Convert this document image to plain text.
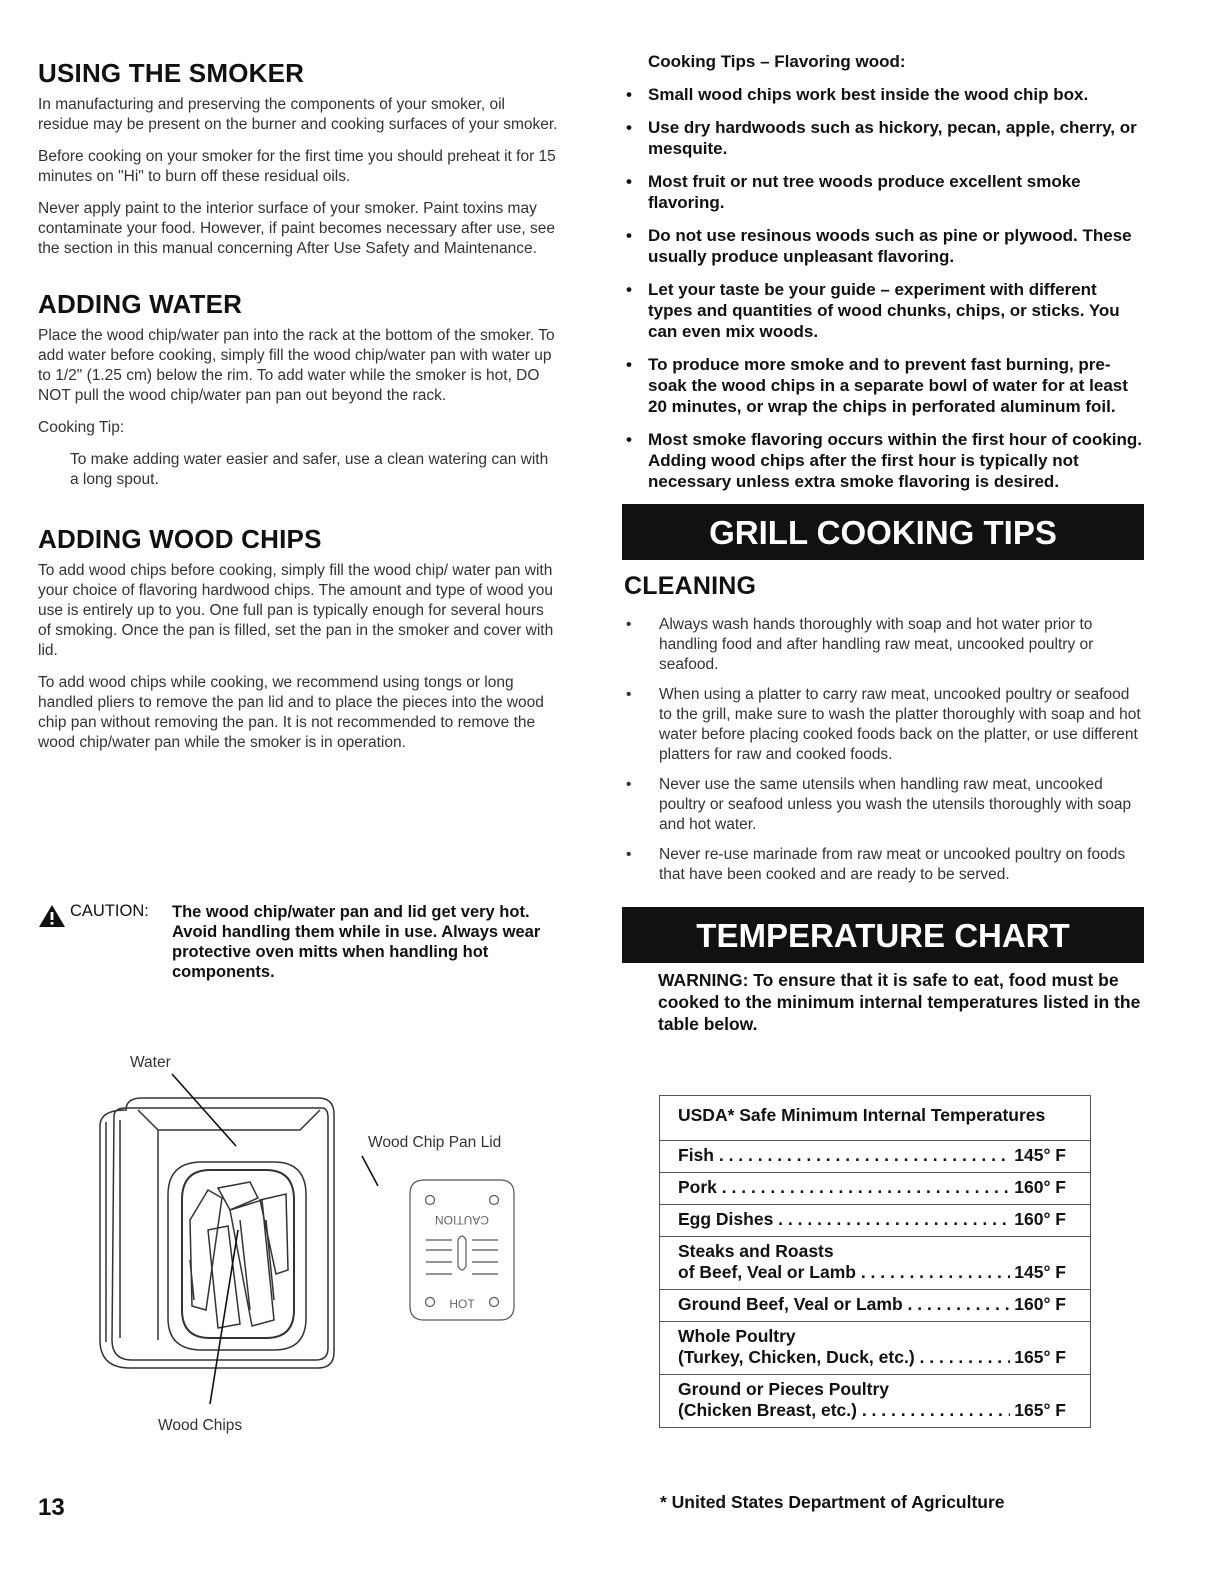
USING THE SMOKER

In manufacturing and preserving the components of your smoker, oil residue may be present on the burner and cooking surfaces of your smoker.

Before cooking on your smoker for the first time you should preheat it for 15 minutes on "Hi" to burn off these residual oils.

Never apply paint to the interior surface of your smoker. Paint toxins may contaminate your food. However, if paint becomes necessary after use, see the section in this manual concerning After Use Safety and Maintenance.

ADDING WATER

Place the wood chip/water pan into the rack at the bottom of the smoker. To add water before cooking, simply fill the wood chip/water pan with water up to 1/2" (1.25 cm) below the rim. To add water while the smoker is hot, DO NOT pull the wood chip/water pan pan out beyond the rack.

Cooking Tip:

To make adding water easier and safer, use a clean watering can with a long spout.

ADDING WOOD CHIPS

To add wood chips before cooking, simply fill the wood chip/ water pan with your choice of flavoring hardwood chips. The amount and type of wood you use is entirely up to you. One full pan is typically enough for several hours of smoking. Once the pan is filled, set the pan in the smoker and cover with lid.

To add wood chips while cooking, we recommend using tongs or long handled pliers to remove the pan lid and to place the pieces into the wood chip pan without removing the pan. It is not recommended to remove the wood chip/water pan while the smoker is in operation.

CAUTION: The wood chip/water pan and lid get very hot. Avoid handling them while in use. Always wear protective oven mitts when handling hot components.
Water
Wood Chip Pan Lid
Wood Chips
CAUTION
HOT
Cooking Tips – Flavoring wood:
• Small wood chips work best inside the wood chip box.
• Use dry hardwoods such as hickory, pecan, apple, cherry, or mesquite.
• Most fruit or nut tree woods produce excellent smoke flavoring.
• Do not use resinous woods such as pine or plywood. These usually produce unpleasant flavoring.
• Let your taste be your guide – experiment with different types and quantities of wood chunks, chips, or sticks. You can even mix woods.
• To produce more smoke and to prevent fast burning, pre-soak the wood chips in a separate bowl of water for at least 20 minutes, or wrap the chips in perforated aluminum foil.
• Most smoke flavoring occurs within the first hour of cooking. Adding wood chips after the first hour is typically not necessary unless extra smoke flavoring is desired.
GRILL COOKING TIPS
CLEANING
• Always wash hands thoroughly with soap and hot water prior to handling food and after handling raw meat, uncooked poultry or seafood.
• When using a platter to carry raw meat, uncooked poultry or seafood to the grill, make sure to wash the platter thoroughly with soap and hot water before placing cooked foods back on the platter, or use different platters for raw and cooked foods.
• Never use the same utensils when handling raw meat, uncooked poultry or seafood unless you wash the utensils thoroughly with soap and hot water.
• Never re-use marinade from raw meat or uncooked poultry on foods that have been cooked and are ready to be served.
TEMPERATURE CHART
WARNING: To ensure that it is safe to eat, food must be cooked to the minimum internal temperatures listed in the table below.
USDA* Safe Minimum Internal Temperatures
Fish . . .	145° F
Pork . . .	160° F
Egg Dishes . . .	160° F
Steaks and Roasts
of Beef, Veal or Lamb . . .	145° F
Ground Beef, Veal or Lamb . . .	160° F
Whole Poultry
(Turkey, Chicken, Duck, etc.) . . .	165° F
Ground or Pieces Poultry
(Chicken Breast, etc.) . . .	165° F
* United States Department of Agriculture
13
